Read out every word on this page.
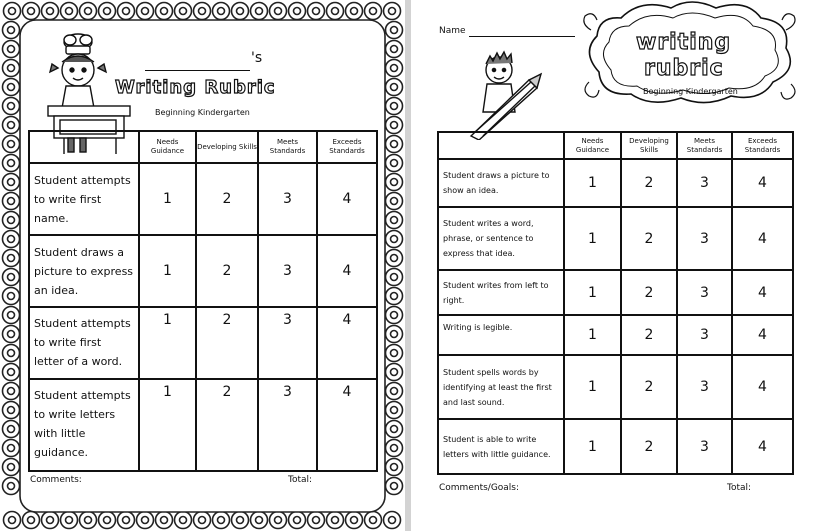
's
Writing Rubric
Beginning Kindergarten
	Needs Guidance	Developing Skills	Meets Standards	Exceeds Standards

Student attempts to write first name.	1	2	3	4

Student draws a picture to express an idea.	1	2	3	4

Student attempts to write first letter of a word.	1	2	3	4

Student attempts to write letters with little guidance.	1	2	3	4
Comments:	Total:
Name	writing
rubric
Beginning Kindergarten
	Needs Guidance	Developing Skills	Meets Standards	Exceeds Standards

Student draws a picture to show an idea.	1	2	3	4

Student writes a word, phrase, or sentence to express that idea.	1	2	3	4

Student writes from left to right.	1	2	3	4

Writing is legible.	1	2	3	4

Student spells words by identifying at least the first and last sound.	1	2	3	4

Student is able to write letters with little guidance.	1	2	3	4
Comments/Goals:	Total:
